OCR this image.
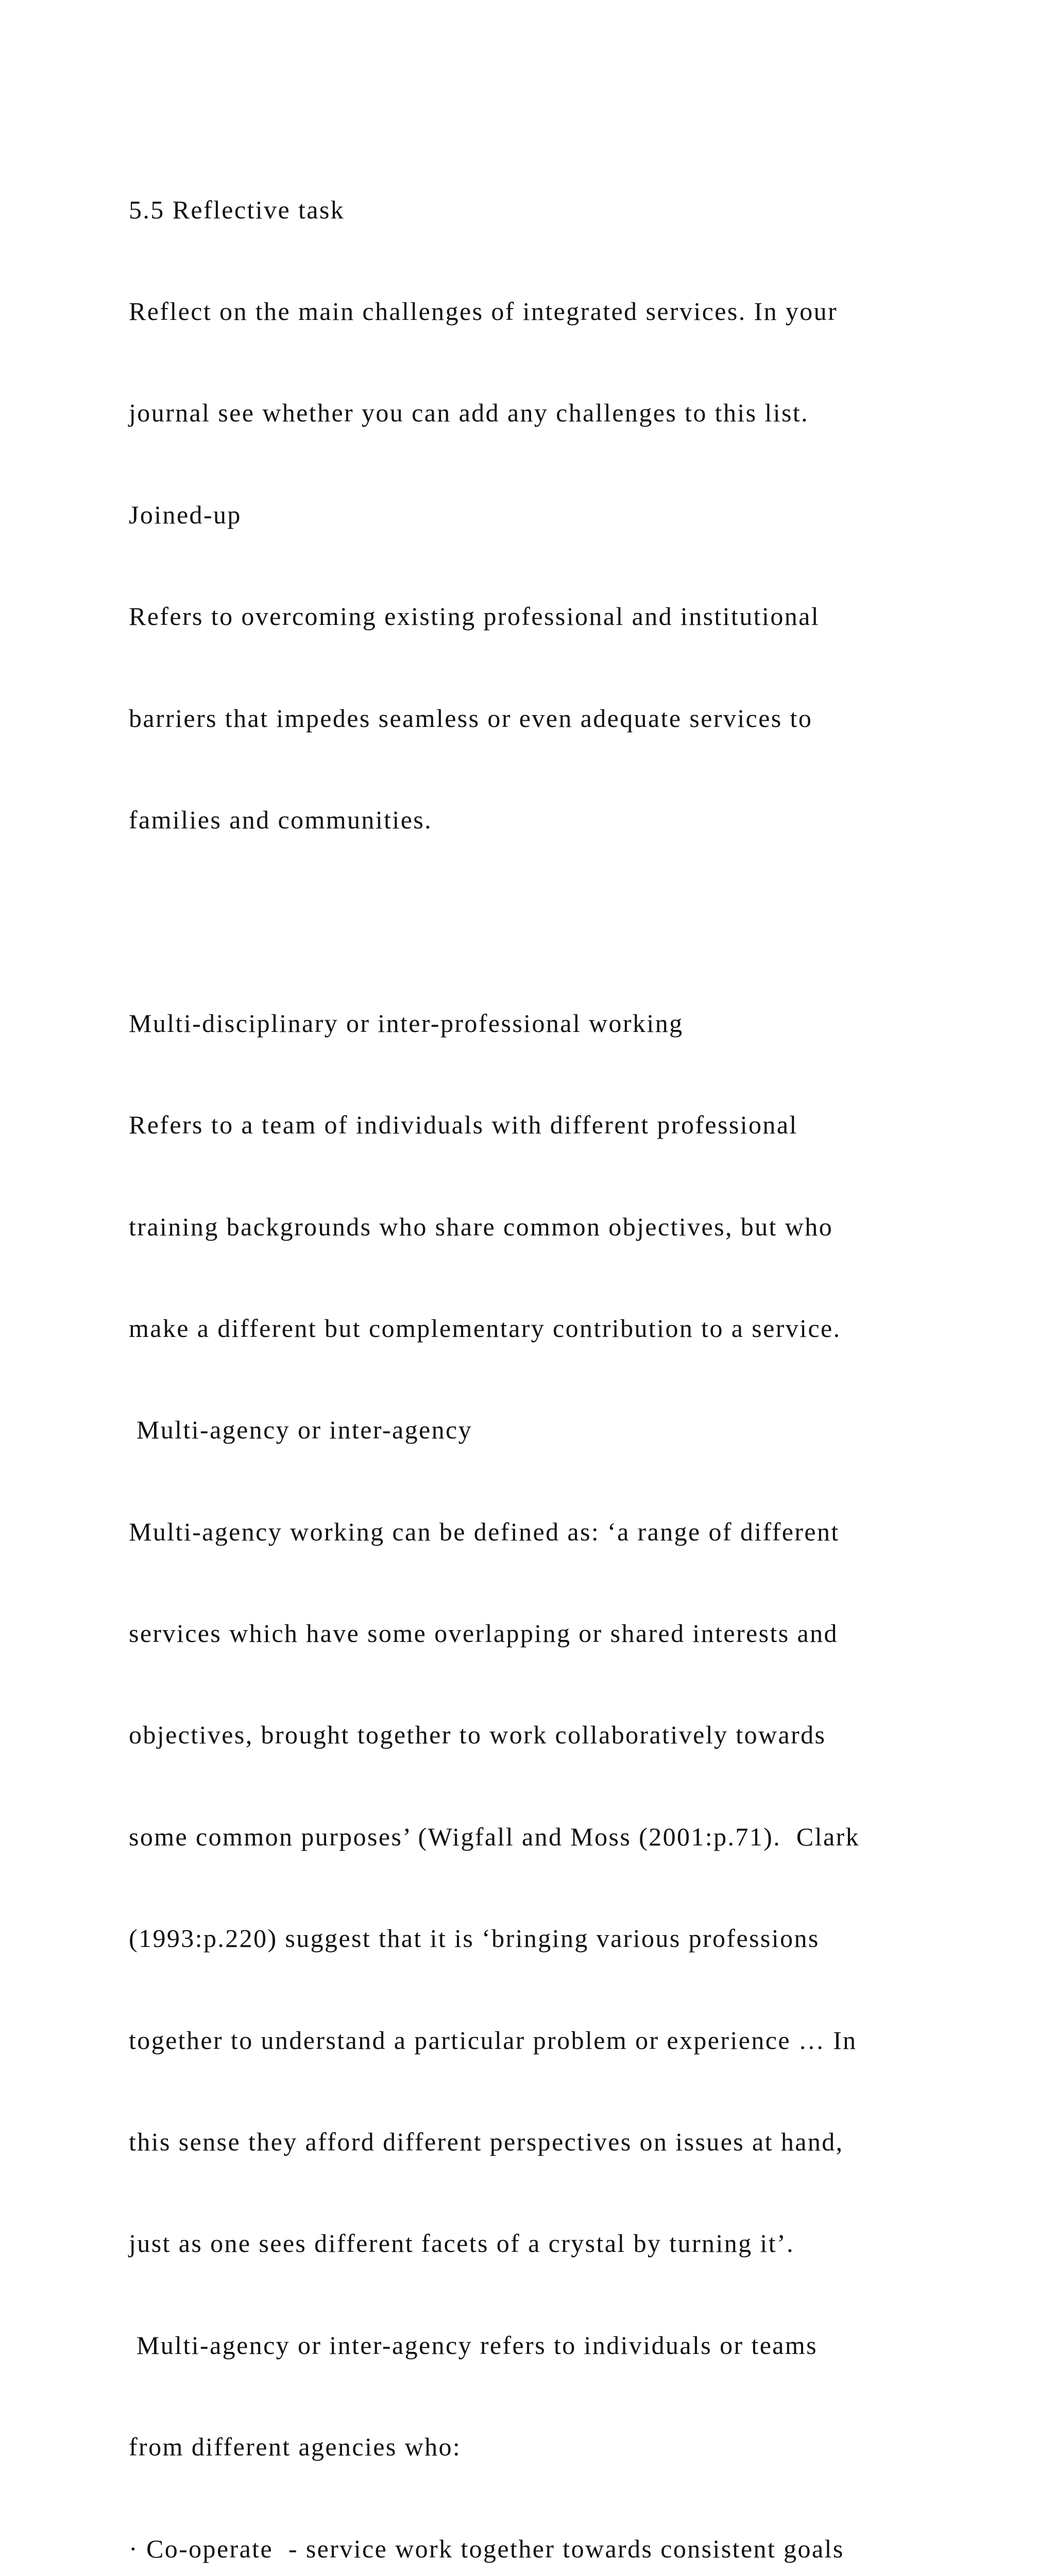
5.5 Reflective task

Reflect on the main challenges of integrated services. In your

journal see whether you can add any challenges to this list.

Joined-up

Refers to overcoming existing professional and institutional

barriers that impedes seamless or even adequate services to

families and communities.

Multi-disciplinary or inter-professional working

Refers to a team of individuals with different professional

training backgrounds who share common objectives, but who

make a different but complementary contribution to a service.

Multi-agency or inter-agency

Multi-agency working can be defined as: ‘a range of different

services which have some overlapping or shared interests and

objectives, brought together to work collaboratively towards

some common purposes’ (Wigfall and Moss (2001:p.71).  Clark

(1993:p.220) suggest that it is ‘bringing various professions

together to understand a particular problem or experience … In

this sense they afford different perspectives on issues at hand,

just as one sees different facets of a crystal by turning it’.

Multi-agency or inter-agency refers to individuals or teams

from different agencies who:

· Co-operate  - service work together towards consistent goals
